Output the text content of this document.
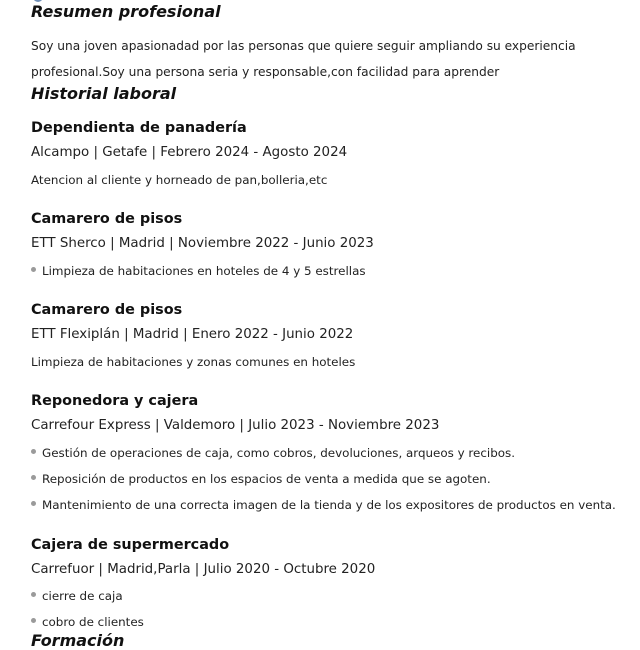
Resumen profesional
Soy una joven apasionadad por las personas que quiere seguir ampliando su experiencia
profesional.Soy una persona seria y responsable,con facilidad para aprender
Historial laboral
Dependienta de panadería
Alcampo | Getafe | Febrero 2024 - Agosto 2024
Atencion al cliente y horneado de pan,bolleria,etc
Camarero de pisos
ETT Sherco | Madrid | Noviembre 2022 - Junio 2023
Limpieza de habitaciones en hoteles de 4 y 5 estrellas
Camarero de pisos
ETT Flexiplán | Madrid | Enero 2022 - Junio 2022
Limpieza de habitaciones y zonas comunes en hoteles
Reponedora y cajera
Carrefour Express | Valdemoro | Julio 2023 - Noviembre 2023
Gestión de operaciones de caja, como cobros, devoluciones, arqueos y recibos.
Reposición de productos en los espacios de venta a medida que se agoten.
Mantenimiento de una correcta imagen de la tienda y de los expositores de productos en venta.
Cajera de supermercado
Carrefuor | Madrid,Parla | Julio 2020 - Octubre 2020
cierre de caja
cobro de clientes
Formación
